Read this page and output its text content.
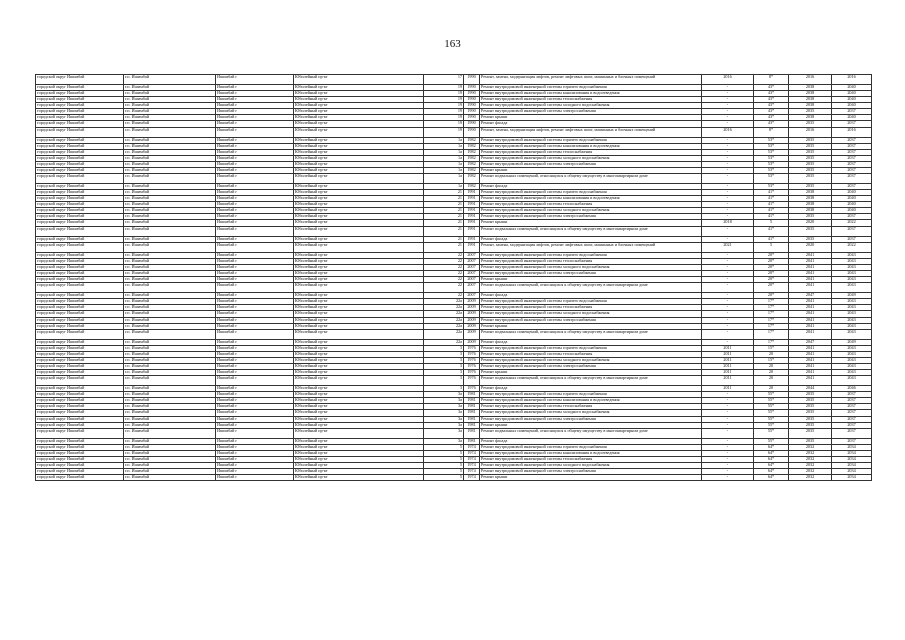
163
городской округ Ишимбай	г.п. Ишимбай	Ишимбай г	Юбилейный пр-кт	17	1990	Ремонт, замена, модернизация лифтов, ремонт лифтовых шахт, машинных и блочных помещений	2016	8*	2016	2016
городской округ Ишимбай	г.п. Ишимбай	Ишимбай г	Юбилейный пр-кт	19	1990	Ремонт внутридомовой инженерной системы горячего водоснабжения	-	43*	2038	2040
городской округ Ишимбай	г.п. Ишимбай	Ишимбай г	Юбилейный пр-кт	19	1990	Ремонт внутридомовой инженерной системы канализования и водоотведения	-	43*	2038	2040
городской округ Ишимбай	г.п. Ишимбай	Ишимбай г	Юбилейный пр-кт	19	1990	Ремонт внутридомовой инженерной системы теплоснабжения	-	43*	2038	2040
городской округ Ишимбай	г.п. Ишимбай	Ишимбай г	Юбилейный пр-кт	19	1990	Ремонт внутридомовой инженерной системы холодного водоснабжения	-	43*	2038	2040
городской округ Ишимбай	г.п. Ишимбай	Ишимбай г	Юбилейный пр-кт	19	1990	Ремонт внутридомовой инженерной системы электроснабжения	-	43*	2035	2037
городской округ Ишимбай	г.п. Ишимбай	Ишимбай г	Юбилейный пр-кт	19	1990	Ремонт крыши	-	43*	2038	2040
городской округ Ишимбай	г.п. Ишимбай	Ишимбай г	Юбилейный пр-кт	19	1990	Ремонт фасада	-	43*	2035	2037
городской округ Ишимбай	г.п. Ишимбай	Ишимбай г	Юбилейный пр-кт	19	1990	Ремонт, замена, модернизация лифтов, ремонт лифтовых шахт, машинных и блочных помещений	2016	8*	2016	2016
городской округ Ишимбай	г.п. Ишимбай	Ишимбай г	Юбилейный пр-кт	1а	1982	Ремонт внутридомовой инженерной системы горячего водоснабжения	-	53*	2035	2037
городской округ Ишимбай	г.п. Ишимбай	Ишимбай г	Юбилейный пр-кт	1а	1982	Ремонт внутридомовой инженерной системы канализования и водоотведения	-	53*	2035	2037
городской округ Ишимбай	г.п. Ишимбай	Ишимбай г	Юбилейный пр-кт	1а	1982	Ремонт внутридомовой инженерной системы теплоснабжения	-	53*	2035	2037
городской округ Ишимбай	г.п. Ишимбай	Ишимбай г	Юбилейный пр-кт	1а	1982	Ремонт внутридомовой инженерной системы холодного водоснабжения	-	53*	2035	2037
городской округ Ишимбай	г.п. Ишимбай	Ишимбай г	Юбилейный пр-кт	1а	1982	Ремонт внутридомовой инженерной системы электроснабжения	-	53*	2035	2037
городской округ Ишимбай	г.п. Ишимбай	Ишимбай г	Юбилейный пр-кт	1а	1982	Ремонт крыши	-	53*	2035	2037
городской округ Ишимбай	г.п. Ишимбай	Ишимбай г	Юбилейный пр-кт	1а	1982	Ремонт подвальных помещений, относящихся к общему имуществу в многоквартирном доме	-	53*	2035	2037
городской округ Ишимбай	г.п. Ишимбай	Ишимбай г	Юбилейный пр-кт	1а	1982	Ремонт фасада	-	53*	2035	2037
городской округ Ишимбай	г.п. Ишимбай	Ишимбай г	Юбилейный пр-кт	21	1991	Ремонт внутридомовой инженерной системы горячего водоснабжения	-	41*	2038	2040
городской округ Ишимбай	г.п. Ишимбай	Ишимбай г	Юбилейный пр-кт	21	1991	Ремонт внутридомовой инженерной системы канализования и водоотведения	-	41*	2038	2040
городской округ Ишимбай	г.п. Ишимбай	Ишимбай г	Юбилейный пр-кт	21	1991	Ремонт внутридомовой инженерной системы теплоснабжения	-	41*	2038	2040
городской округ Ишимбай	г.п. Ишимбай	Ишимбай г	Юбилейный пр-кт	21	1991	Ремонт внутридомовой инженерной системы холодного водоснабжения	-	41*	2038	2040
городской округ Ишимбай	г.п. Ишимбай	Ишимбай г	Юбилейный пр-кт	21	1991	Ремонт внутридомовой инженерной системы электроснабжения	-	41*	2035	2037
городской округ Ишимбай	г.п. Ишимбай	Ишимбай г	Юбилейный пр-кт	21	1991	Ремонт крыши	2018	5	2020	2022
городской округ Ишимбай	г.п. Ишимбай	Ишимбай г	Юбилейный пр-кт	21	1991	Ремонт подвальных помещений, относящихся к общему имуществу в многоквартирном доме	-	41*	2035	2037
городской округ Ишимбай	г.п. Ишимбай	Ишимбай г	Юбилейный пр-кт	21	1991	Ремонт фасада	-	41*	2035	2037
городской округ Ишимбай	г.п. Ишимбай	Ишимбай г	Юбилейный пр-кт	21	1991	Ремонт, замена, модернизация лифтов, ремонт лифтовых шахт, машинных и блочных помещений	2021	5	2020	2022
городской округ Ишимбай	г.п. Ишимбай	Ишимбай г	Юбилейный пр-кт	22	2007	Ремонт внутридомовой инженерной системы горячего водоснабжения	-	20*	2041	2043
городской округ Ишимбай	г.п. Ишимбай	Ишимбай г	Юбилейный пр-кт	22	2007	Ремонт внутридомовой инженерной системы теплоснабжения	-	20*	2041	2043
городской округ Ишимбай	г.п. Ишимбай	Ишимбай г	Юбилейный пр-кт	22	2007	Ремонт внутридомовой инженерной системы холодного водоснабжения	-	20*	2041	2043
городской округ Ишимбай	г.п. Ишимбай	Ишимбай г	Юбилейный пр-кт	22	2007	Ремонт внутридомовой инженерной системы электроснабжения	-	20*	2041	2043
городской округ Ишимбай	г.п. Ишимбай	Ишимбай г	Юбилейный пр-кт	22	2007	Ремонт крыши	-	20*	2041	2043
городской округ Ишимбай	г.п. Ишимбай	Ишимбай г	Юбилейный пр-кт	22	2007	Ремонт подвальных помещений, относящихся к общему имуществу в многоквартирном доме	-	20*	2041	2043
городской округ Ишимбай	г.п. Ишимбай	Ишимбай г	Юбилейный пр-кт	22	2007	Ремонт фасада	-	20*	2047	2049
городской округ Ишимбай	г.п. Ишимбай	Ишимбай г	Юбилейный пр-кт	22а	2009	Ремонт внутридомовой инженерной системы горячего водоснабжения	-	17*	2041	2043
городской округ Ишимбай	г.п. Ишимбай	Ишимбай г	Юбилейный пр-кт	22а	2009	Ремонт внутридомовой инженерной системы теплоснабжения	-	17*	2041	2043
городской округ Ишимбай	г.п. Ишимбай	Ишимбай г	Юбилейный пр-кт	22а	2009	Ремонт внутридомовой инженерной системы холодного водоснабжения	-	17*	2041	2043
городской округ Ишимбай	г.п. Ишимбай	Ишимбай г	Юбилейный пр-кт	22а	2009	Ремонт внутридомовой инженерной системы электроснабжения	-	17*	2041	2043
городской округ Ишимбай	г.п. Ишимбай	Ишимбай г	Юбилейный пр-кт	22а	2009	Ремонт крыши	-	17*	2041	2043
городской округ Ишимбай	г.п. Ишимбай	Ишимбай г	Юбилейный пр-кт	22а	2009	Ремонт подвальных помещений, относящихся к общему имуществу в многоквартирном доме	-	17*	2041	2043
городской округ Ишимбай	г.п. Ишимбай	Ишимбай г	Юбилейный пр-кт	22а	2009	Ремонт фасада	-	17*	2047	2049
городской округ Ишимбай	г.п. Ишимбай	Ишимбай г	Юбилейный пр-кт	3	1976	Ремонт внутридомовой инженерной системы горячего водоснабжения	2011	15*	2041	2043
городской округ Ишимбай	г.п. Ишимбай	Ишимбай г	Юбилейный пр-кт	3	1976	Ремонт внутридомовой инженерной системы теплоснабжения	2011	20	2041	2043
городской округ Ишимбай	г.п. Ишимбай	Ишимбай г	Юбилейный пр-кт	3	1976	Ремонт внутридомовой инженерной системы холодного водоснабжения	2011	15*	2041	2043
городской округ Ишимбай	г.п. Ишимбай	Ишимбай г	Юбилейный пр-кт	3	1976	Ремонт внутридомовой инженерной системы электроснабжения	2011	20	2041	2043
городской округ Ишимбай	г.п. Ишимбай	Ишимбай г	Юбилейный пр-кт	3	1976	Ремонт крыши	2011	20	2041	2043
городской округ Ишимбай	г.п. Ишимбай	Ишимбай г	Юбилейный пр-кт	3	1976	Ремонт подвальных помещений, относящихся к общему имуществу в многоквартирном доме	2011	20	2041	2043
городской округ Ишимбай	г.п. Ишимбай	Ишимбай г	Юбилейный пр-кт	3	1976	Ремонт фасада	2011	20	2044	2046
городской округ Ишимбай	г.п. Ишимбай	Ишимбай г	Юбилейный пр-кт	3а	1981	Ремонт внутридомовой инженерной системы горячего водоснабжения	-	55*	2035	2037
городской округ Ишимбай	г.п. Ишимбай	Ишимбай г	Юбилейный пр-кт	3а	1981	Ремонт внутридомовой инженерной системы канализования и водоотведения	-	55*	2035	2037
городской округ Ишимбай	г.п. Ишимбай	Ишимбай г	Юбилейный пр-кт	3а	1981	Ремонт внутридомовой инженерной системы теплоснабжения	-	55*	2035	2037
городской округ Ишимбай	г.п. Ишимбай	Ишимбай г	Юбилейный пр-кт	3а	1981	Ремонт внутридомовой инженерной системы холодного водоснабжения	-	55*	2035	2037
городской округ Ишимбай	г.п. Ишимбай	Ишимбай г	Юбилейный пр-кт	3а	1981	Ремонт внутридомовой инженерной системы электроснабжения	-	55*	2035	2037
городской округ Ишимбай	г.п. Ишимбай	Ишимбай г	Юбилейный пр-кт	3а	1981	Ремонт крыши	-	55*	2035	2037
городской округ Ишимбай	г.п. Ишимбай	Ишимбай г	Юбилейный пр-кт	3а	1981	Ремонт подвальных помещений, относящихся к общему имуществу в многоквартирном доме	-	55*	2035	2037
городской округ Ишимбай	г.п. Ишимбай	Ишимбай г	Юбилейный пр-кт	3а	1981	Ремонт фасада	-	55*	2035	2037
городской округ Ишимбай	г.п. Ишимбай	Ишимбай г	Юбилейный пр-кт	5	1974	Ремонт внутридомовой инженерной системы горячего водоснабжения	-	64*	2032	2034
городской округ Ишимбай	г.п. Ишимбай	Ишимбай г	Юбилейный пр-кт	5	1974	Ремонт внутридомовой инженерной системы канализования и водоотведения	-	64*	2032	2034
городской округ Ишимбай	г.п. Ишимбай	Ишимбай г	Юбилейный пр-кт	5	1974	Ремонт внутридомовой инженерной системы теплоснабжения	-	64*	2032	2034
городской округ Ишимбай	г.п. Ишимбай	Ишимбай г	Юбилейный пр-кт	5	1974	Ремонт внутридомовой инженерной системы холодного водоснабжения	-	64*	2032	2034
городской округ Ишимбай	г.п. Ишимбай	Ишимбай г	Юбилейный пр-кт	5	1974	Ремонт внутридомовой инженерной системы электроснабжения	-	64*	2032	2034
городской округ Ишимбай	г.п. Ишимбай	Ишимбай г	Юбилейный пр-кт	5	1974	Ремонт крыши	-	64*	2032	2034
